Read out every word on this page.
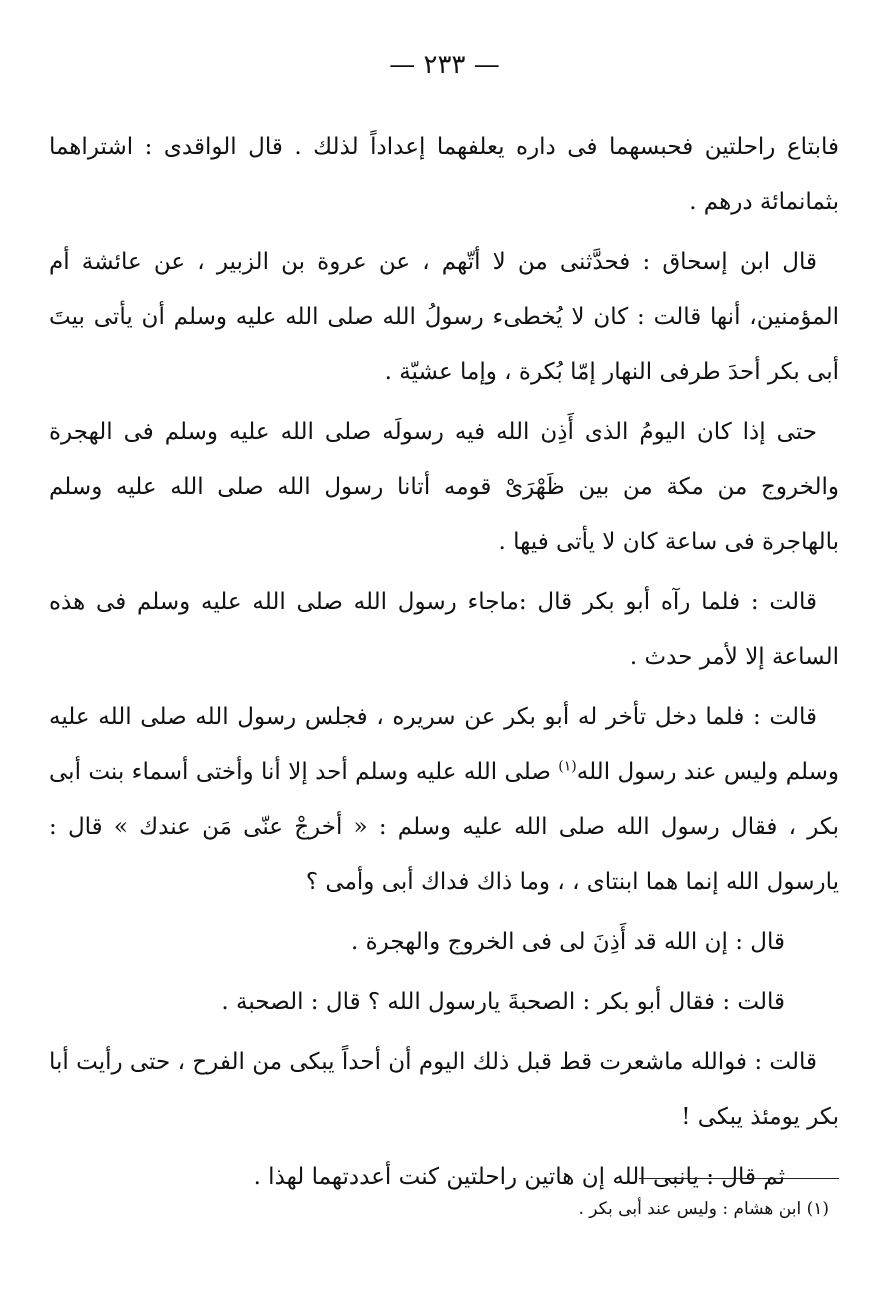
— ٢٣٣ —

فابتاع راحلتين فحبسهما فى داره يعلفهما إعداداً لذلك . قال الواقدى : اشتراهما بثمانمائة درهم .

قال ابن إسحاق : فحدَّثنى من لا أتّهم ، عن عروة بن الزبير ، عن عائشة أم المؤمنين، أنها قالت : كان لا يُخطىء رسولُ الله صلى الله عليه وسلم أن يأتى بيتَ أبى بكر أحدَ طرفى النهار إمّا بُكرة ، وإما عشيّة .

حتى إذا كان اليومُ الذى أَذِن الله فيه رسولَه صلى الله عليه وسلم فى الهجرة والخروج من مكة من بين ظَهْرَىْ قومه أتانا رسول الله صلى الله عليه وسلم بالهاجرة فى ساعة كان لا يأتى فيها .

قالت : فلما رآه أبو بكر قال :ماجاء رسول الله صلى الله عليه وسلم فى هذه الساعة إلا لأمر حدث .

قالت : فلما دخل تأخر له أبو بكر عن سريره ، فجلس رسول الله صلى الله عليه وسلم وليس عند رسول الله$^{(١)}$ صلى الله عليه وسلم أحد إلا أنا وأختى أسماء بنت أبى بكر ، فقال رسول الله صلى الله عليه وسلم : « أخرجْ عنّى مَن عندك » قال : يارسول الله إنما هما ابنتاى ، ، وما ذاك فداك أبى وأمى ؟

قال : إن الله قد أَذِنَ لى فى الخروج والهجرة .

قالت : فقال أبو بكر : الصحبةَ يارسول الله ؟ قال : الصحبة .

قالت : فوالله ماشعرت قط قبل ذلك اليوم أن أحداً يبكى من الفرح ، حتى رأيت أبا بكر يومئذ يبكى !

ثم قال : يانبى الله إن هاتين راحلتين كنت أعددتهما لهذا .

(١) ابن هشام : وليس عند أبى بكر .
